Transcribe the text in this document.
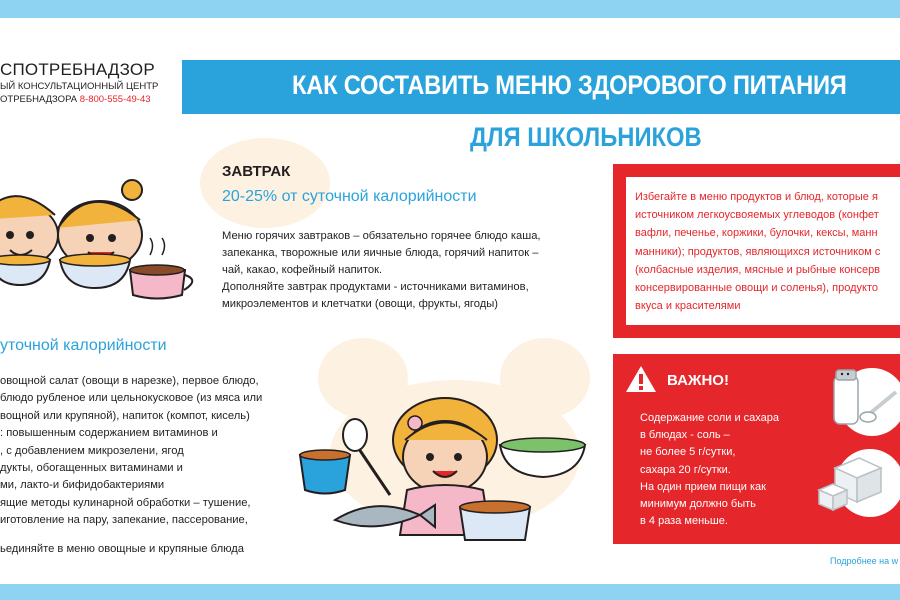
СПОТРЕБНАДЗОР
ЫЙ КОНСУЛЬТАЦИОННЫЙ ЦЕНТР
ОТРЕБНАДЗОРА 8-800-555-49-43	КАК СОСТАВИТЬ МЕНЮ ЗДОРОВОГО ПИТАНИЯ
ДЛЯ ШКОЛЬНИКОВ
ЗАВТРАК
20-25% от суточной калорийности
Меню горячих завтраков – обязательно горячее блюдо каша,
запеканка, творожные или яичные блюда, горячий напиток –
чай, какао, кофейный напиток.
Дополняйте завтрак продуктами - источниками витаминов,
микроэлементов и клетчатки (овощи, фрукты, ягоды)
уточной калорийности
овощной салат (овощи в нарезке), первое блюдо,
блюдо рубленое или цельнокусковое (из мяса или
вощной или крупяной), напиток (компот, кисель)
: повышенным содержанием витаминов и
, с добавлением микрозелени, ягод
дукты, обогащенных витаминами и
ми, лакто-и бифидобактериями
ящие методы кулинарной обработки – тушение,
иготовление на пару, запекание, пассерование,
ьединяйте в меню овощные и крупяные блюда
Избегайте в меню продуктов и блюд, которые я
источником легкоусвояемых углеводов (конфет
вафли, печенье, коржики, булочки, кексы, манн
манники); продуктов, являющихся источником с
(колбасные изделия, мясные и рыбные консерв
консервированные овощи и соленья), продукто
вкуса и красителями
ВАЖНО!
Содержание соли и сахара
в блюдах - соль –
не более 5 г/сутки,
сахара 20 г/сутки.
На один прием пищи как
минимум должно быть
в 4 раза меньше.
Подробнее на w
